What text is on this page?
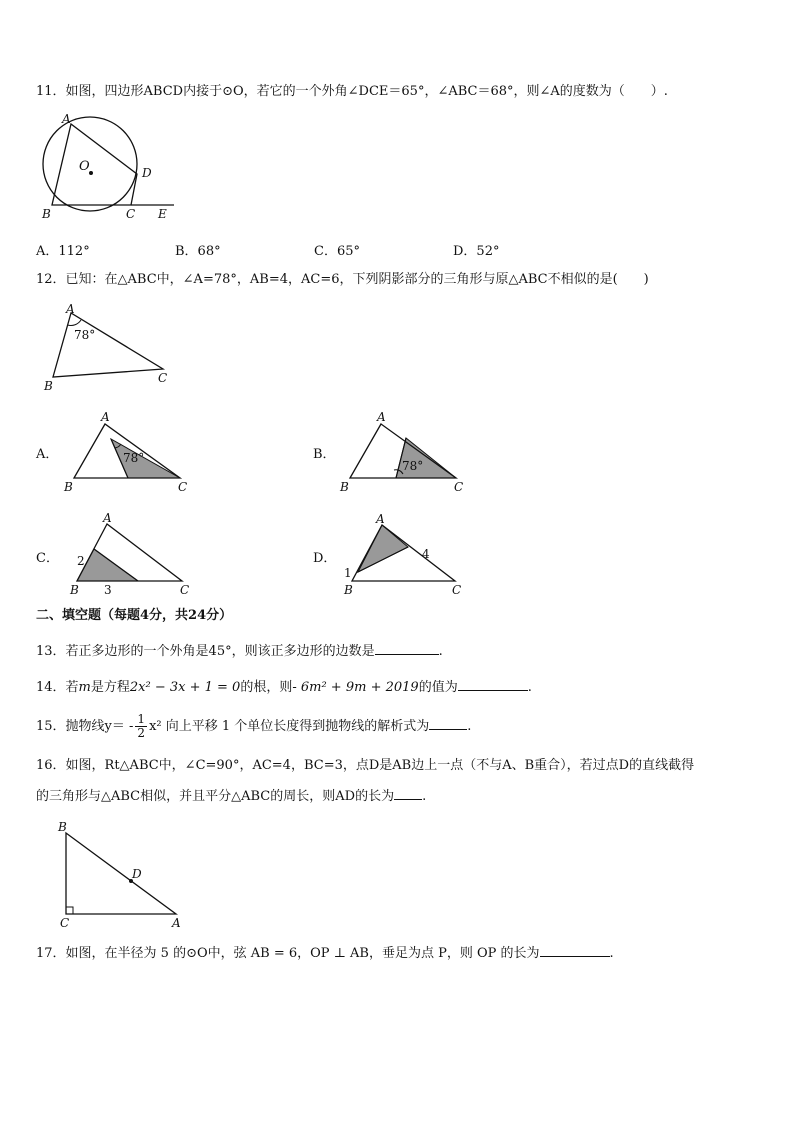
11．如图，四边形ABCD内接于⊙O，若它的一个外角∠DCE＝65°，∠ABC＝68°，则∠A的度数为（　　）.
A
O	D
B	C E
A．112°	B．68°	C．65°	D．52°
12．已知：在△ABC中，∠A=78°，AB=4，AC=6，下列阴影部分的三角形与原△ABC不相似的是(　　)
A
78°
B
C
A．	78°
A
B	C
B．
78°
A
B	C
C． 2
3
A
B	C
D．
1
4
A
B	C
二、填空题（每题4分，共24分）
13．若正多边形的一个外角是45°，则该正多边形的边数是	.
14．若m是方程2x² − 3x + 1 = 0的根，则- 6m² + 9m + 2019的值为	.
15．抛物线$y= - \frac{1}{2} x^2$ 向上平移 1 个单位长度得到抛物线的解析式为	.
16．如图，Rt△ABC中，∠C=90°，AC=4，BC=3，点D是AB边上一点（不与A、B重合），若过点D的直线截得
的三角形与△ABC相似，并且平分△ABC的周长，则AD的长为 .
B
D
C	A
17．如图，在半径为 5 的⊙O中，弦 AB = 6，OP ⊥ AB，垂足为点 P，则 OP 的长为	.
